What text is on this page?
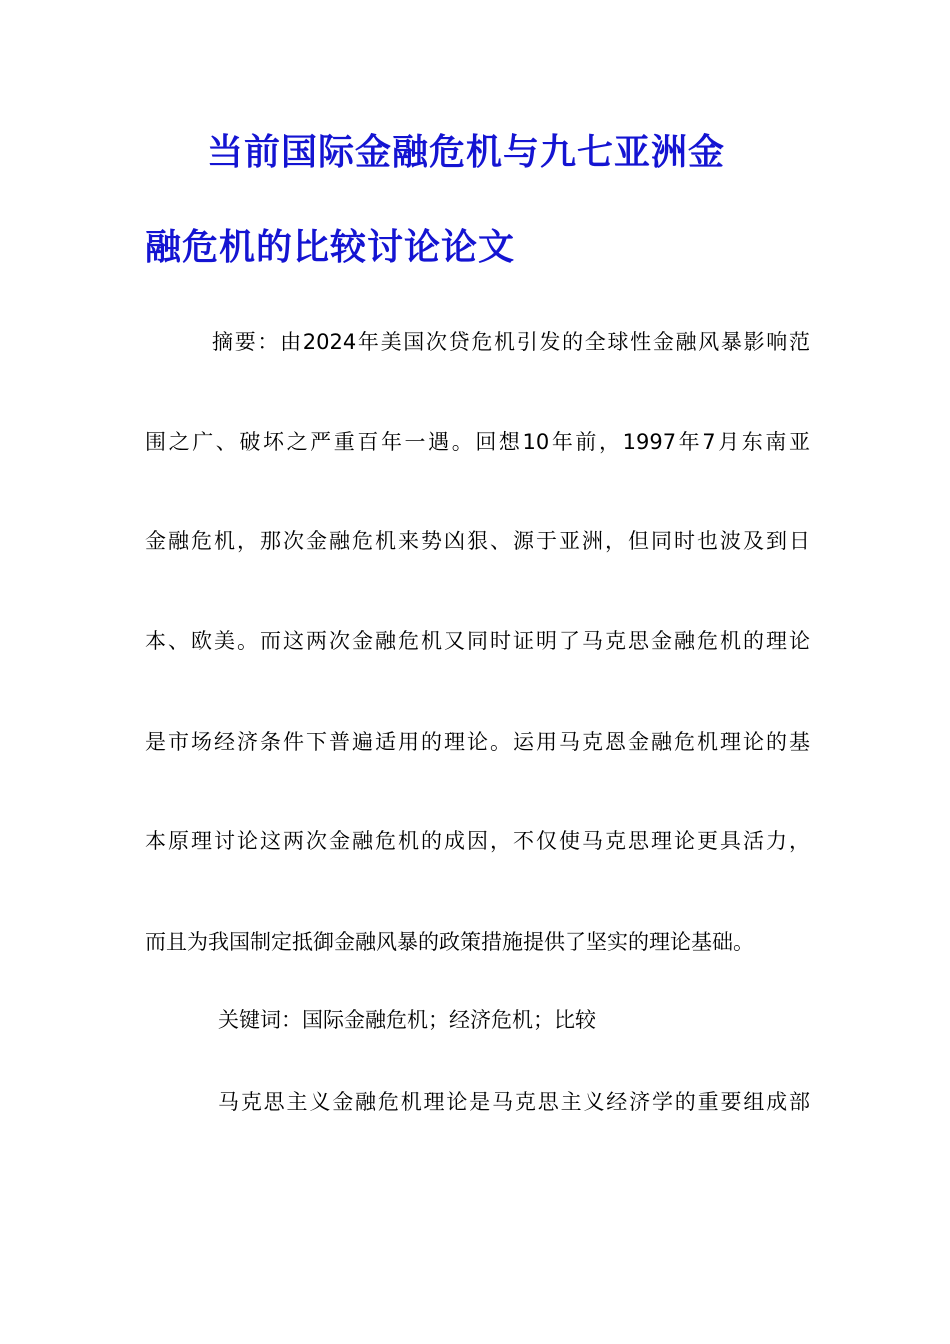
当前国际金融危机与九七亚洲金
融危机的比较讨论论文
摘要：由2024年美国次贷危机引发的全球性金融风暴影响范
围之广、破坏之严重百年一遇。回想10年前，1997年7月东南亚
金融危机，那次金融危机来势凶狠、源于亚洲，但同时也波及到日
本、欧美。而这两次金融危机又同时证明了马克思金融危机的理论
是市场经济条件下普遍适用的理论。运用马克恩金融危机理论的基
本原理讨论这两次金融危机的成因，不仅使马克思理论更具活力，
而且为我国制定抵御金融风暴的政策措施提供了坚实的理论基础。
关键词：国际金融危机；经济危机；比较
马克思主义金融危机理论是马克思主义经济学的重要组成部
